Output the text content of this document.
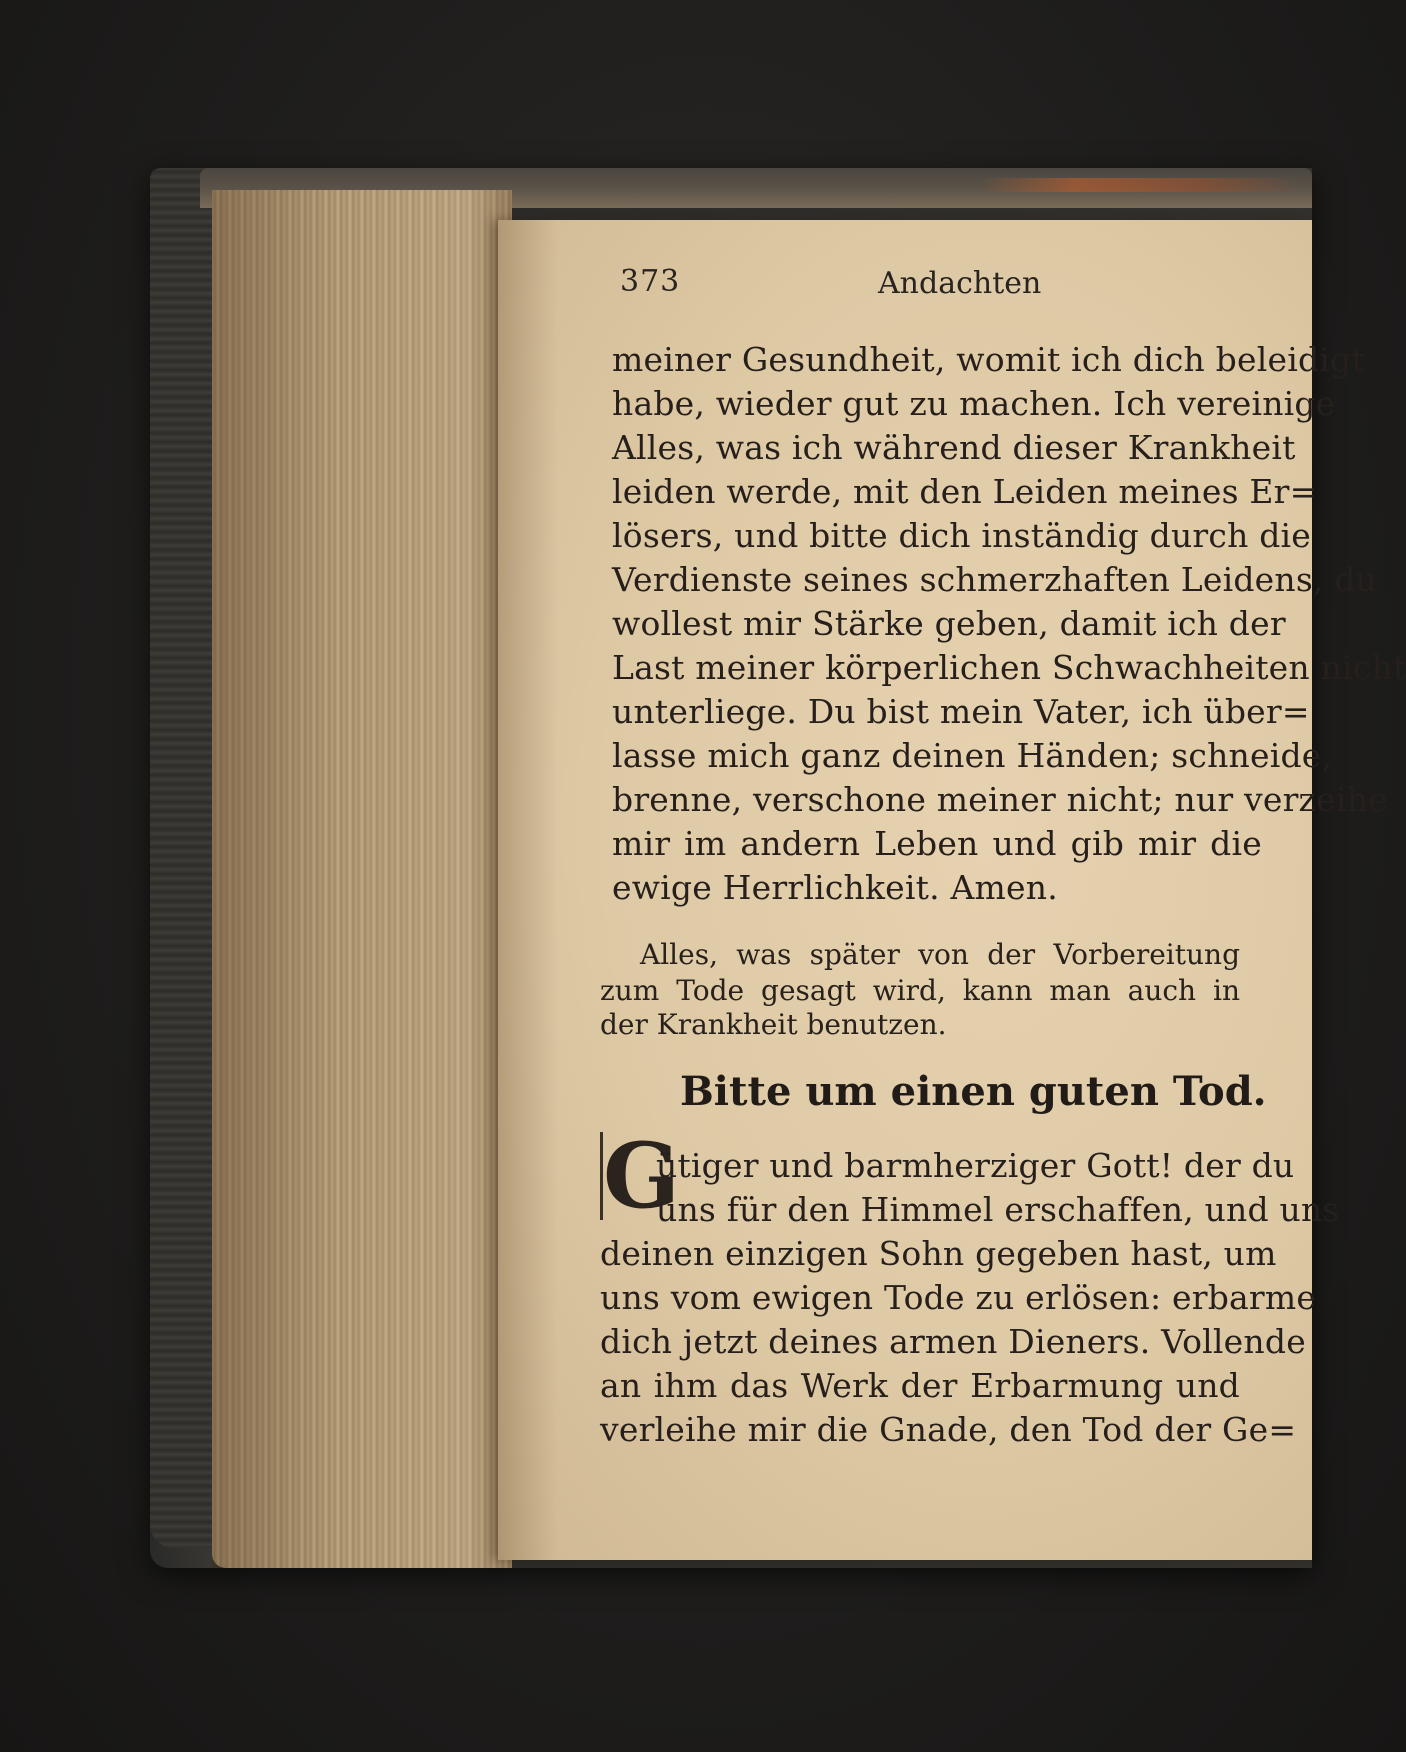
373	Andachten
meiner Gesundheit, womit ich dich beleidigt
habe, wieder gut zu machen. Ich vereinige
Alles, was ich während dieser Krankheit
leiden werde, mit den Leiden meines Er=
lösers, und bitte dich inständig durch die
Verdienste seines schmerzhaften Leidens, du
wollest mir Stärke geben, damit ich der
Last meiner körperlichen Schwachheiten nicht
unterliege. Du bist mein Vater, ich über=
lasse mich ganz deinen Händen; schneide,
brenne, verschone meiner nicht; nur verzeihe
mir im andern Leben und gib mir die
ewige Herrlichkeit. Amen.
Alles, was später von der Vorbereitung
zum Tode gesagt wird, kann man auch in
der Krankheit benutzen.
Bitte um einen guten Tod.
G
ütiger und barmherziger Gott! der du
uns für den Himmel erschaffen, und uns
deinen einzigen Sohn gegeben hast, um
uns vom ewigen Tode zu erlösen: erbarme
dich jetzt deines armen Dieners. Vollende
an ihm das Werk der Erbarmung und
verleihe mir die Gnade, den Tod der Ge=
